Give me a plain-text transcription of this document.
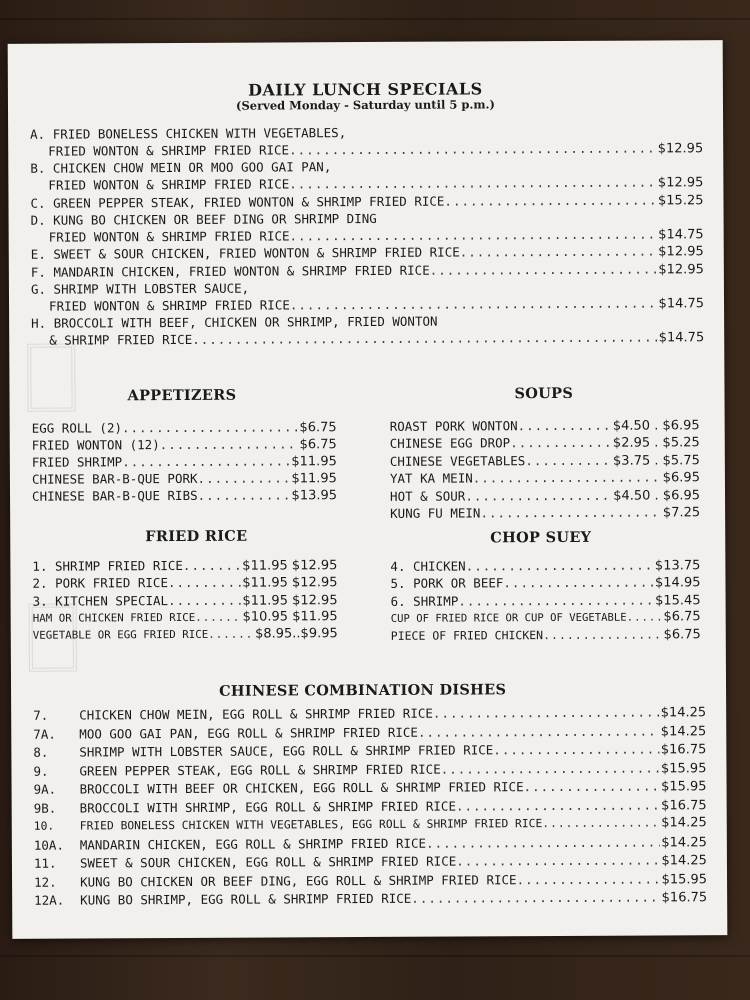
DAILY LUNCH SPECIALS
(Served Monday - Saturday until 5 p.m.)
A. FRIED BONELESS CHICKEN WITH VEGETABLES,
FRIED WONTON & SHRIMP FRIED RICE .....	$12.95
B. CHICKEN CHOW MEIN OR MOO GOO GAI PAN,
FRIED WONTON & SHRIMP FRIED RICE .....	$12.95
C. GREEN PEPPER STEAK, FRIED WONTON & SHRIMP FRIED RICE .....	$15.25
D. KUNG BO CHICKEN OR BEEF DING OR SHRIMP DING
FRIED WONTON & SHRIMP FRIED RICE .....	$14.75
E. SWEET & SOUR CHICKEN, FRIED WONTON & SHRIMP FRIED RICE .....	$12.95
F. MANDARIN CHICKEN, FRIED WONTON & SHRIMP FRIED RICE .....	$12.95
G. SHRIMP WITH LOBSTER SAUCE,
FRIED WONTON & SHRIMP FRIED RICE .....	$14.75
H. BROCCOLI WITH BEEF, CHICKEN OR SHRIMP, FRIED WONTON
& SHRIMP FRIED RICE .....	$14.75
APPETIZERS	SOUPS
EGG ROLL (2) .....	$6.75
FRIED WONTON (12) .....	$6.75
FRIED SHRIMP .....	$11.95
CHINESE BAR-B-QUE PORK .....	$11.95
CHINESE BAR-B-QUE RIBS .....	$13.95
ROAST PORK WONTON .....	$4.50 . $6.95
CHINESE EGG DROP .....	$2.95 . $5.25
CHINESE VEGETABLES .....	$3.75 . $5.75
YAT KA MEIN .....	$6.95
HOT & SOUR .....	$4.50 . $6.95
KUNG FU MEIN .....	$7.25
FRIED RICE	CHOP SUEY
1. SHRIMP FRIED RICE .....	$11.95 $12.95
2. PORK FRIED RICE .....	$11.95 $12.95
3. KITCHEN SPECIAL .....	$11.95 $12.95
HAM OR CHICKEN FRIED RICE .....	$10.95 $11.95
VEGETABLE OR EGG FRIED RICE .....	$8.95..$9.95
4. CHICKEN .....	$13.75
5. PORK OR BEEF .....	$14.95
6. SHRIMP .....	$15.45
CUP OF FRIED RICE OR CUP OF VEGETABLE .....	$6.75
PIECE OF FRIED CHICKEN .....	$6.75
CHINESE COMBINATION DISHES
7.	CHICKEN CHOW MEIN, EGG ROLL & SHRIMP FRIED RICE .....	$14.25
7A.	MOO GOO GAI PAN, EGG ROLL & SHRIMP FRIED RICE .....	$14.25
8.	SHRIMP WITH LOBSTER SAUCE, EGG ROLL & SHRIMP FRIED RICE .....	$16.75
9.	GREEN PEPPER STEAK, EGG ROLL & SHRIMP FRIED RICE .....	$15.95
9A.	BROCCOLI WITH BEEF OR CHICKEN, EGG ROLL & SHRIMP FRIED RICE .....	$15.95
9B.	BROCCOLI WITH SHRIMP, EGG ROLL & SHRIMP FRIED RICE .....	$16.75
10.	FRIED BONELESS CHICKEN WITH VEGETABLES, EGG ROLL & SHRIMP FRIED RICE .....	$14.25
10A.	MANDARIN CHICKEN, EGG ROLL & SHRIMP FRIED RICE .....	$14.25
11.	SWEET & SOUR CHICKEN, EGG ROLL & SHRIMP FRIED RICE .....	$14.25
12.	KUNG BO CHICKEN OR BEEF DING, EGG ROLL & SHRIMP FRIED RICE .....	$15.95
12A.	KUNG BO SHRIMP, EGG ROLL & SHRIMP FRIED RICE .....	$16.75
